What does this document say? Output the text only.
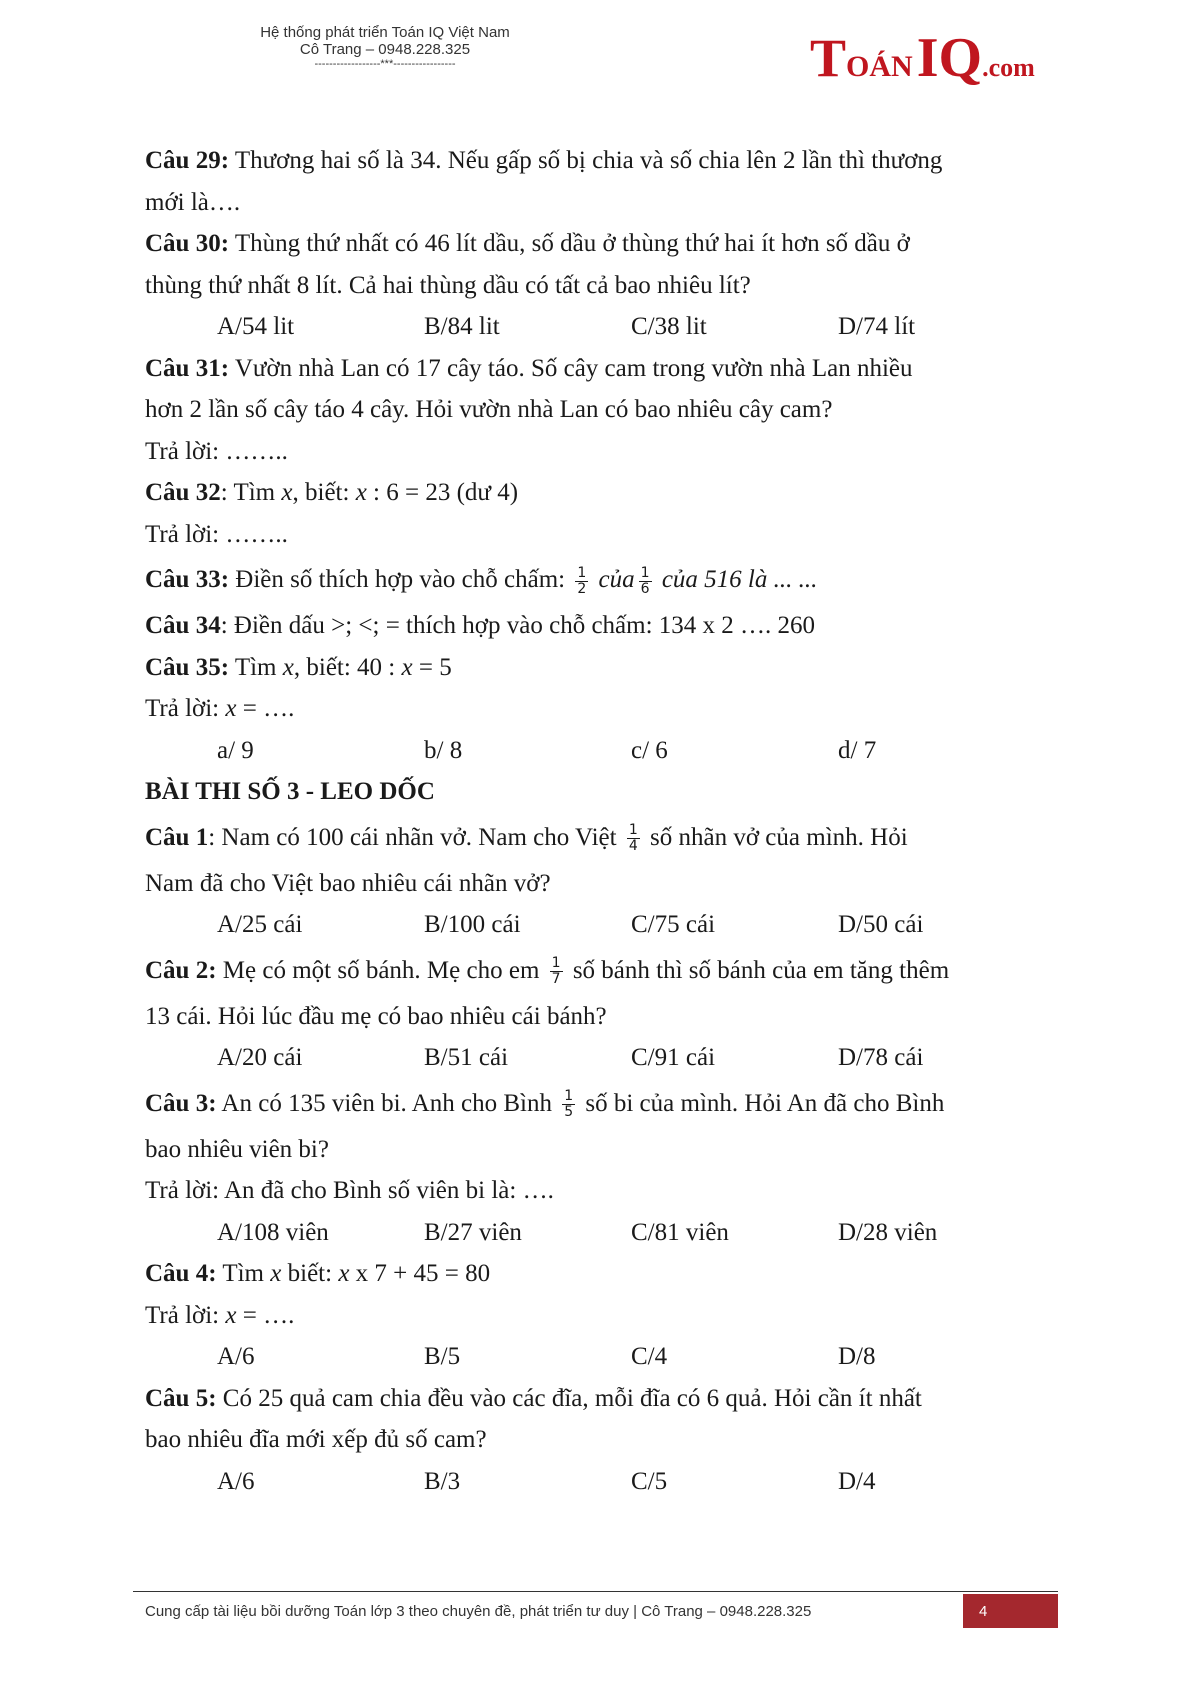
Hệ thống phát triển Toán IQ Việt Nam
Cô Trang – 0948.228.325
------------------***-----------------	TOÁN IQ.com

Câu 29: Thương hai số là 34. Nếu gấp số bị chia và số chia lên 2 lần thì thương

mới là….

Câu 30: Thùng thứ nhất có 46 lít dầu, số dầu ở thùng thứ hai ít hơn số dầu ở

thùng thứ nhất 8 lít. Cả hai thùng dầu có tất cả bao nhiêu lít?

A/54 lit	B/84 lit	C/38 lit	D/74 lít

Câu 31: Vườn nhà Lan có 17 cây táo. Số cây cam trong vườn nhà Lan nhiều

hơn 2 lần số cây táo 4 cây. Hỏi vườn nhà Lan có bao nhiêu cây cam?

Trả lời: ……..

Câu 32: Tìm x, biết: x : 6 = 23 (dư 4)

Trả lời: ……..

Câu 33: Điền số thích hợp vào chỗ chấm: $\frac{1}{2}$ của $\frac{1}{6}$ của 516 là ... ...

Câu 34: Điền dấu >; <; = thích hợp vào chỗ chấm: 134 x 2 …. 260

Câu 35: Tìm x, biết: 40 : x = 5

Trả lời: x = ….

a/ 9	b/ 8	c/ 6	d/ 7

BÀI THI SỐ 3 - LEO DỐC

Câu 1: Nam có 100 cái nhãn vở. Nam cho Việt $\frac{1}{4}$ số nhãn vở của mình. Hỏi

Nam đã cho Việt bao nhiêu cái nhãn vở?

A/25 cái	B/100 cái	C/75 cái	D/50 cái

Câu 2: Mẹ có một số bánh. Mẹ cho em $\frac{1}{7}$ số bánh thì số bánh của em tăng thêm

13 cái. Hỏi lúc đầu mẹ có bao nhiêu cái bánh?

A/20 cái	B/51 cái	C/91 cái	D/78 cái

Câu 3: An có 135 viên bi. Anh cho Bình $\frac{1}{5}$ số bi của mình. Hỏi An đã cho Bình

bao nhiêu viên bi?

Trả lời: An đã cho Bình số viên bi là: ….

A/108 viên	B/27 viên	C/81 viên	D/28 viên

Câu 4: Tìm x biết: x x 7 + 45 = 80

Trả lời: x = ….

A/6	B/5	C/4	D/8

Câu 5: Có 25 quả cam chia đều vào các đĩa, mỗi đĩa có 6 quả. Hỏi cần ít nhất

bao nhiêu đĩa mới xếp đủ số cam?

A/6	B/3	C/5	D/4

Cung cấp tài liệu bồi dưỡng Toán lớp 3 theo chuyên đề, phát triển tư duy | Cô Trang – 0948.228.325	4
